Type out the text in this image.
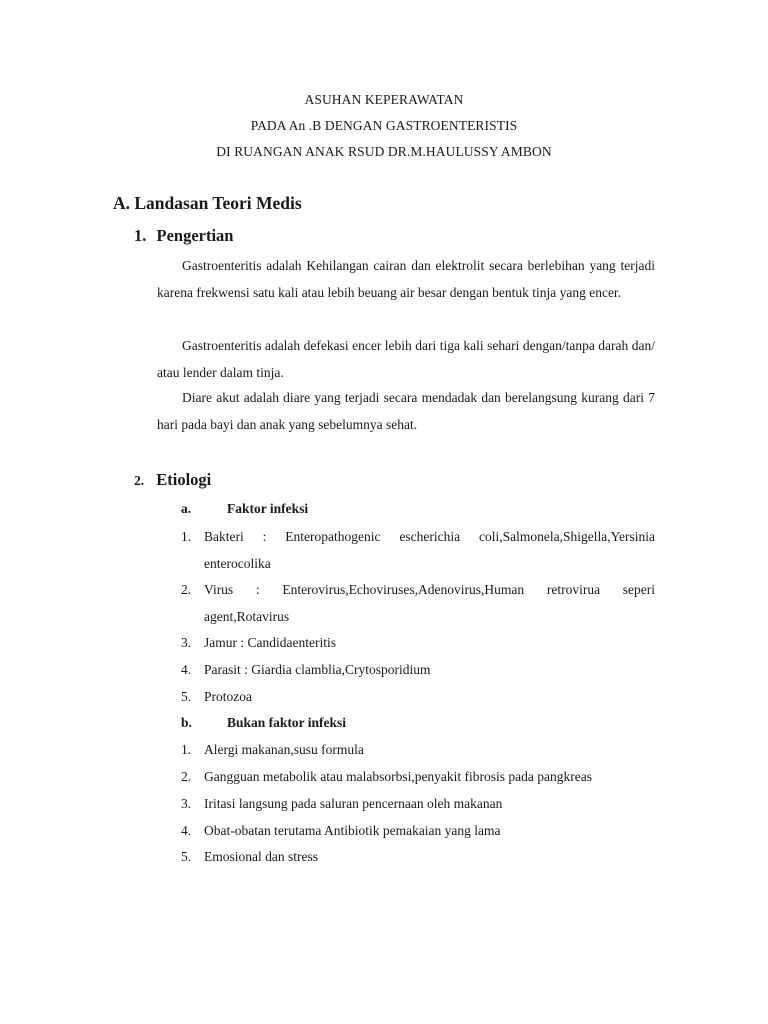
ASUHAN KEPERAWATAN
PADA An .B DENGAN GASTROENTERISTIS
DI RUANGAN ANAK RSUD DR.M.HAULUSSY AMBON
A. Landasan Teori Medis
1. Pengertian
Gastroenteritis adalah Kehilangan cairan dan elektrolit secara berlebihan yang terjadi karena frekwensi satu kali atau lebih beuang air besar dengan bentuk tinja yang encer.
Gastroenteritis adalah defekasi encer lebih dari tiga kali sehari dengan/tanpa darah dan/ atau lender dalam tinja.
Diare akut adalah diare yang terjadi secara mendadak dan berelangsung kurang dari 7 hari pada bayi dan anak yang sebelumnya sehat.
2. Etiologi
a.	Faktor infeksi
1. Bakteri : Enteropathogenic escherichia coli,Salmonela,Shigella,Yersinia
enterocolika
2. Virus : Enterovirus,Echoviruses,Adenovirus,Human retrovirua seperi
agent,Rotavirus
3. Jamur : Candidaenteritis
4. Parasit : Giardia clamblia,Crytosporidium
5. Protozoa
b.	Bukan faktor infeksi
1. Alergi makanan,susu formula
2. Gangguan metabolik atau malabsorbsi,penyakit fibrosis pada pangkreas
3. Iritasi langsung pada saluran pencernaan oleh makanan
4. Obat-obatan terutama Antibiotik pemakaian yang lama
5. Emosional dan stress
